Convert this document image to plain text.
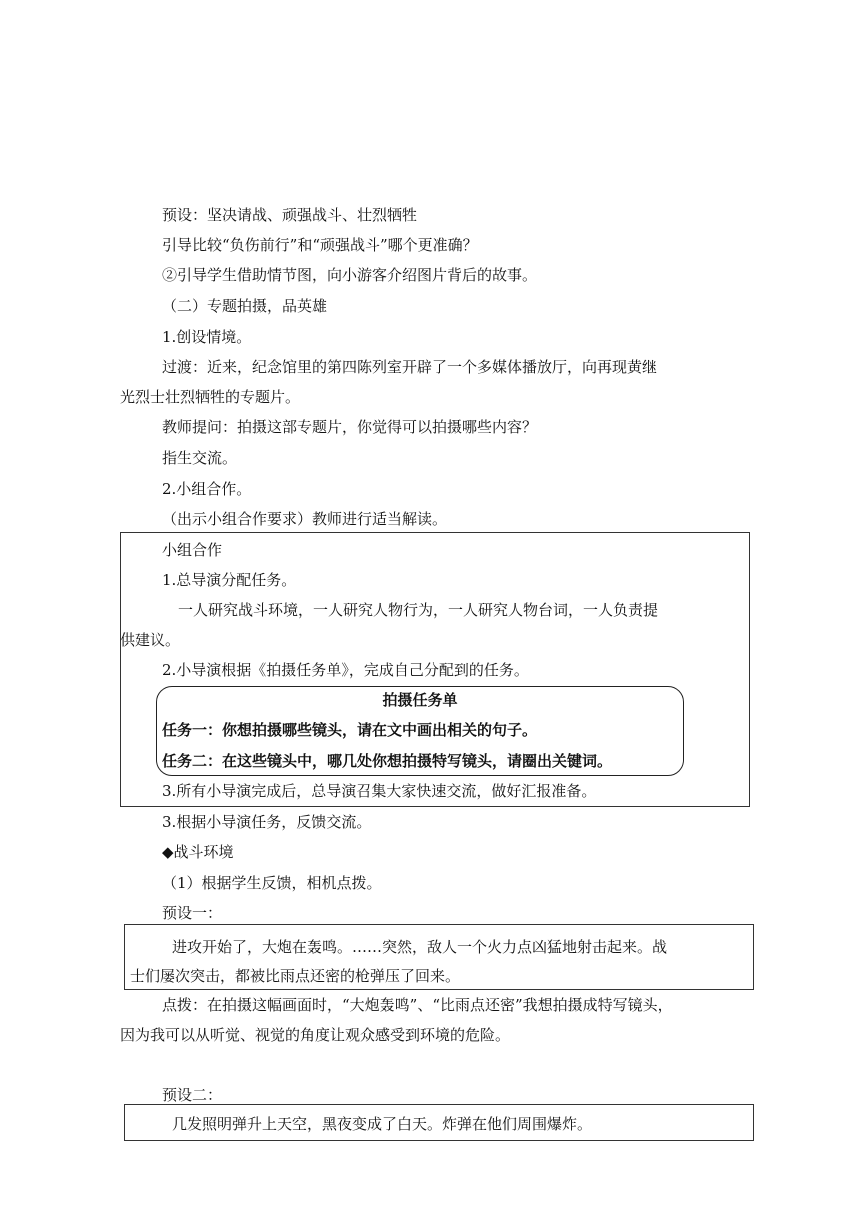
预设：坚决请战、顽强战斗、壮烈牺牲
引导比较“负伤前行”和“顽强战斗”哪个更准确？
②引导学生借助情节图，向小游客介绍图片背后的故事。
（二）专题拍摄，品英雄
1.创设情境。
过渡：近来，纪念馆里的第四陈列室开辟了一个多媒体播放厅，向再现黄继
光烈士壮烈牺牲的专题片。
教师提问：拍摄这部专题片，你觉得可以拍摄哪些内容？
指生交流。
2.小组合作。
（出示小组合作要求）教师进行适当解读。
小组合作
1.总导演分配任务。
一人研究战斗环境，一人研究人物行为，一人研究人物台词，一人负责提
供建议。
2.小导演根据《拍摄任务单》，完成自己分配到的任务。
拍摄任务单
任务一：你想拍摄哪些镜头，请在文中画出相关的句子。
任务二：在这些镜头中，哪几处你想拍摄特写镜头，请圈出关键词。
3.所有小导演完成后，总导演召集大家快速交流，做好汇报准备。
3.根据小导演任务，反馈交流。
◆战斗环境
（1）根据学生反馈，相机点拨。
预设一：
进攻开始了，大炮在轰鸣。……突然，敌人一个火力点凶猛地射击起来。战
士们屡次突击，都被比雨点还密的枪弹压了回来。
点拨：在拍摄这幅画面时，“大炮轰鸣”、“比雨点还密”我想拍摄成特写镜头，
因为我可以从听觉、视觉的角度让观众感受到环境的危险。
预设二：
几发照明弹升上天空，黑夜变成了白天。炸弹在他们周围爆炸。
